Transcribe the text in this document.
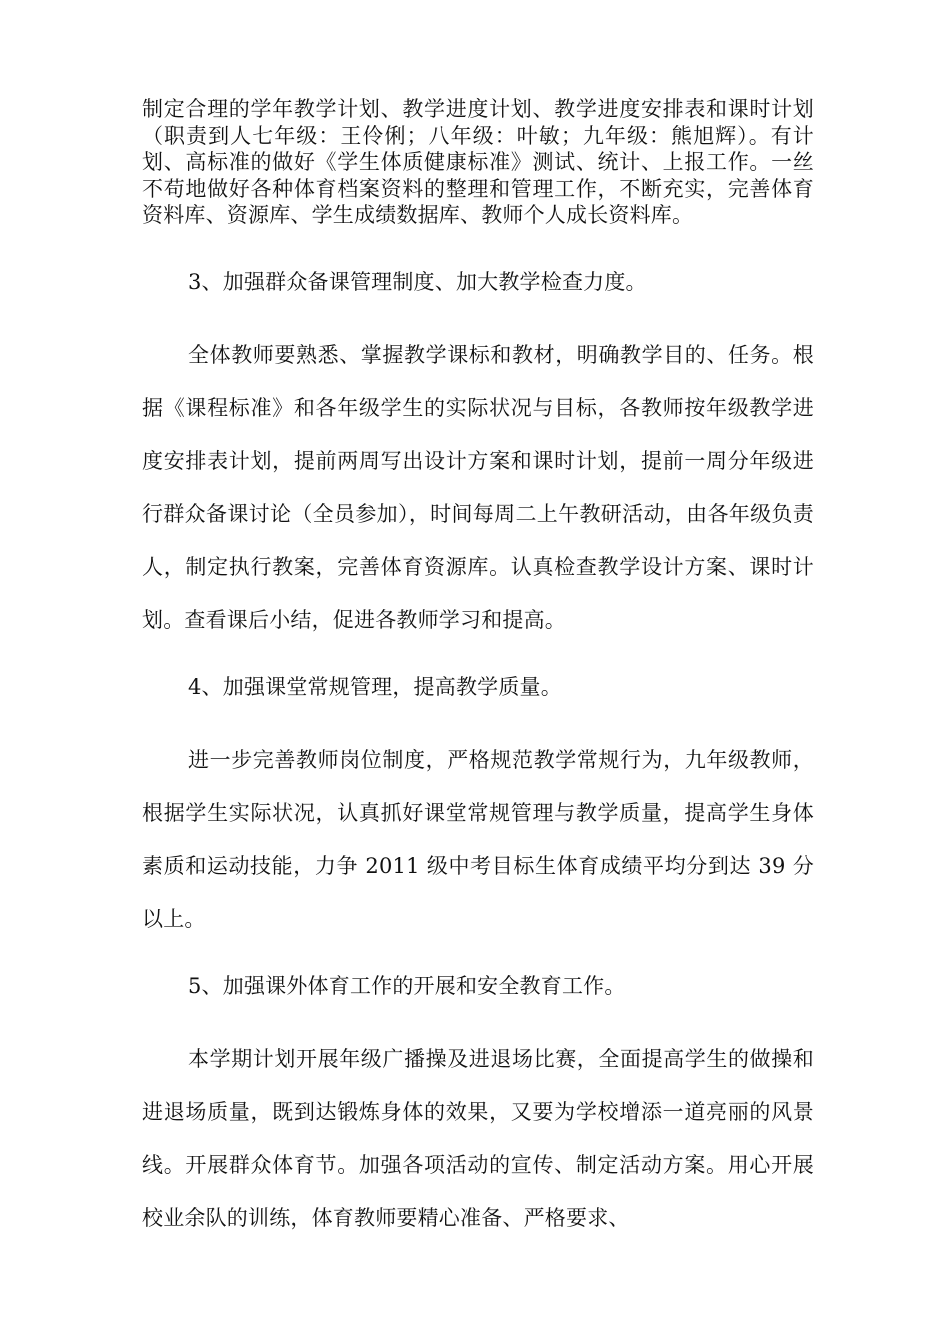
制定合理的学年教学计划、教学进度计划、教学进度安排表和课时计划（职责到人七年级：王伶俐；八年级：叶敏；九年级：熊旭辉）。有计划、高标准的做好《学生体质健康标准》测试、统计、上报工作。一丝不苟地做好各种体育档案资料的整理和管理工作，不断充实，完善体育资料库、资源库、学生成绩数据库、教师个人成长资料库。

3、加强群众备课管理制度、加大教学检查力度。

全体教师要熟悉、掌握教学课标和教材，明确教学目的、任务。根据《课程标准》和各年级学生的实际状况与目标，各教师按年级教学进度安排表计划，提前两周写出设计方案和课时计划，提前一周分年级进行群众备课讨论（全员参加），时间每周二上午教研活动，由各年级负责人，制定执行教案，完善体育资源库。认真检查教学设计方案、课时计划。查看课后小结，促进各教师学习和提高。

4、加强课堂常规管理，提高教学质量。

进一步完善教师岗位制度，严格规范教学常规行为，九年级教师，根据学生实际状况，认真抓好课堂常规管理与教学质量，提高学生身体素质和运动技能，力争 2011 级中考目标生体育成绩平均分到达 39 分以上。

5、加强课外体育工作的开展和安全教育工作。

本学期计划开展年级广播操及进退场比赛，全面提高学生的做操和进退场质量，既到达锻炼身体的效果，又要为学校增添一道亮丽的风景线。开展群众体育节。加强各项活动的宣传、制定活动方案。用心开展校业余队的训练，体育教师要精心准备、严格要求、
